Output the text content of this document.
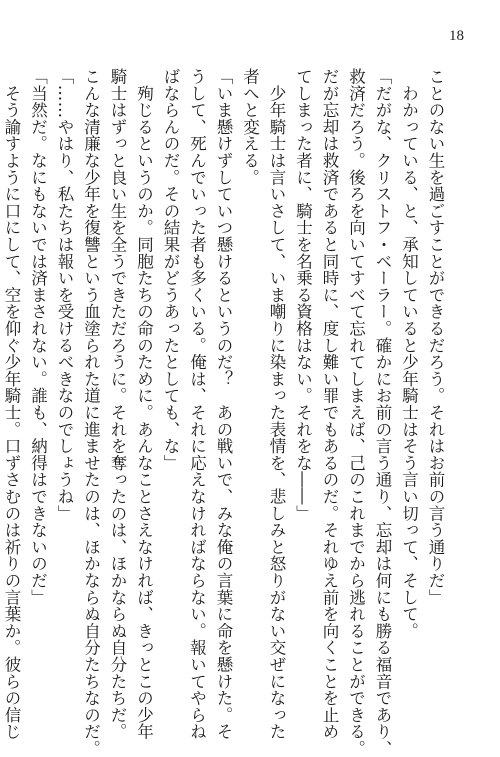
18
ことのない生を過ごすことができるだろう。それはお前の言う通りだ」
　わかっている、と、承知していると少年騎士はそう言い切って、そして。
「だがな、クリストフ・ベーラー。確かにお前の言う通り、忘却は何にも勝る福音であり、
救済だろう。後ろを向いてすべて忘れてしまえば、己のこれまでから逃れることができる。
だが忘却は救済であると同時に、度し難い罪でもあるのだ。それゆえ前を向くことを止め
てしまった者に、騎士を名乗る資格はない。それをな――」
　少年騎士は言いさして、いま嘲りに染まった表情を、悲しみと怒りがない交ぜになった
者へと変える。
「いま懸けずしていつ懸けるというのだ？　あの戦いで、みな俺の言葉に命を懸けた。そ
うして、死んでいった者も多くいる。俺は、それに応えなければならない。報いてやらね
ばならんのだ。その結果がどうあったとしても、な」
　殉じるというのか。同胞たちの命のために。あんなことさえなければ、きっとこの少年
騎士はずっと良い生を全うできただろうに。それを奪ったのは、ほかならぬ自分たちだ。
こんな清廉な少年を復讐という血塗られた道に進ませたのは、ほかならぬ自分たちなのだ。
「……やはり、私たちは報いを受けるべきなのでしょうね」
「当然だ。なにもないでは済まされない。誰も、納得はできないのだ」
　そう諭すように口にして、空を仰ぐ少年騎士。口ずさむのは祈りの言葉か。彼らの信じ
